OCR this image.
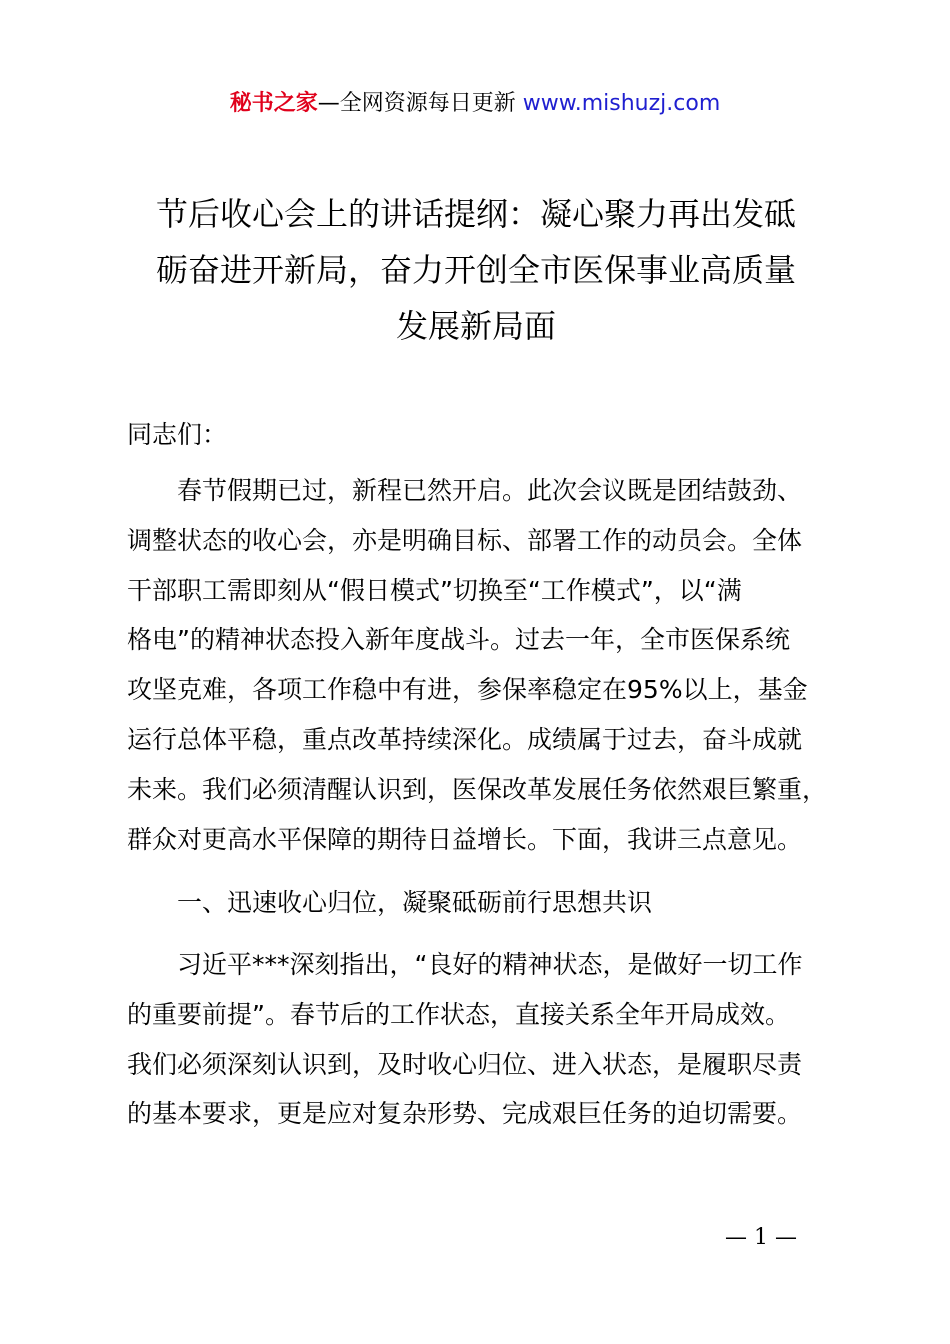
秘书之家—全网资源每日更新 www.mishuzj.com
节后收心会上的讲话提纲：凝心聚力再出发砥
砺奋进开新局，奋力开创全市医保事业高质量
发展新局面

同志们：

春节假期已过，新程已然开启。此次会议既是团结鼓劲、
调整状态的收心会，亦是明确目标、部署工作的动员会。全体
干部职工需即刻从“假日模式”切换至“工作模式”，以“满
格电”的精神状态投入新年度战斗。过去一年，全市医保系统
攻坚克难，各项工作稳中有进，参保率稳定在95%以上，基金
运行总体平稳，重点改革持续深化。成绩属于过去，奋斗成就
未来。我们必须清醒认识到，医保改革发展任务依然艰巨繁重，
群众对更高水平保障的期待日益增长。下面，我讲三点意见。

一、迅速收心归位，凝聚砥砺前行思想共识

习近平***深刻指出，“良好的精神状态，是做好一切工作
的重要前提”。春节后的工作状态，直接关系全年开局成效。
我们必须深刻认识到，及时收心归位、进入状态，是履职尽责
的基本要求，更是应对复杂形势、完成艰巨任务的迫切需要。
— 1 —
